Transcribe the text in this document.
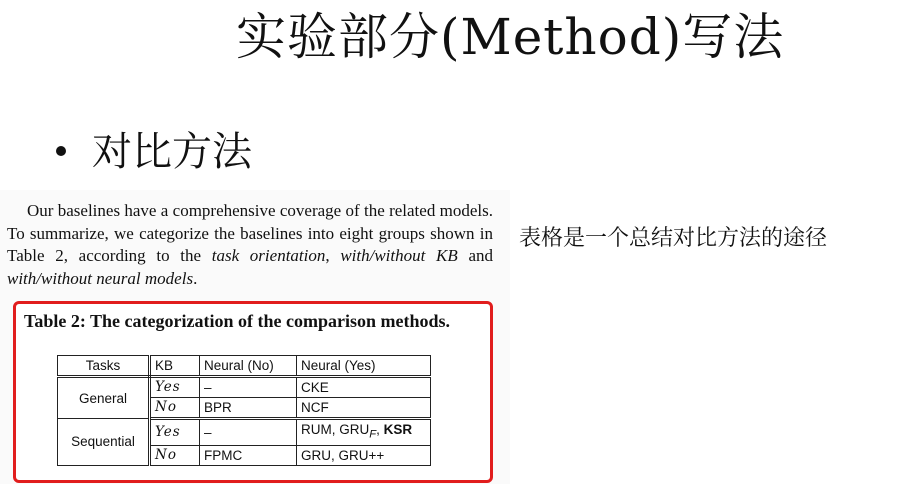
实验部分(Method)写法
对比方法
表格是一个总结对比方法的途径

Our baselines have a comprehensive coverage of the related models. To summarize, we categorize the baselines into eight groups shown in Table 2, according to the task orientation, with/without KB and with/without neural models.

Table 2: The categorization of the comparison methods.
Tasks	KB	Neural (No)	Neural (Yes)
General	Yes	–	CKE
	No	BPR	NCF
Sequential	Yes	–	RUM, $GRU_F$, KSR
	No	FPMC	GRU, GRU++
